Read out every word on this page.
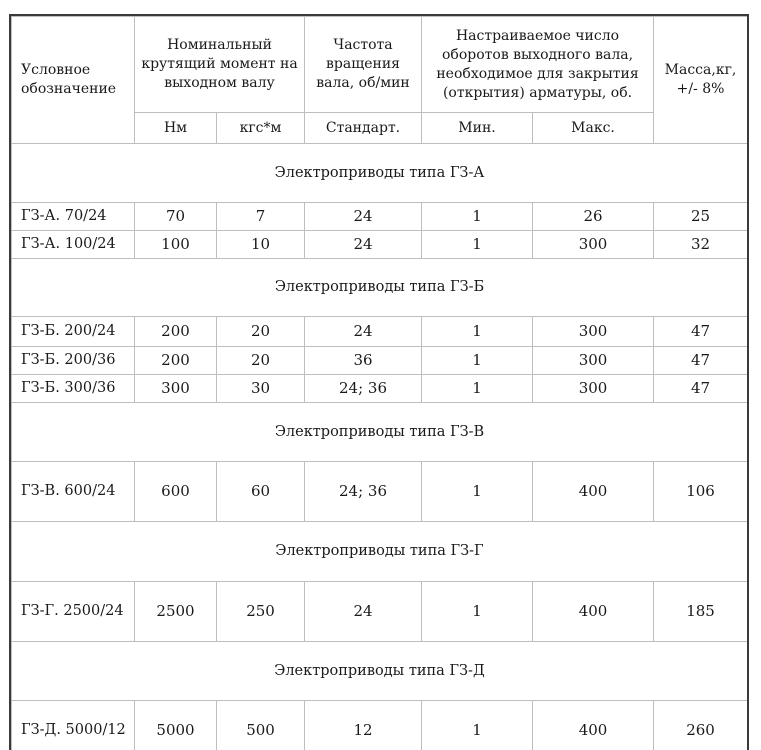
Условное обозначение	Номинальный крутящий момент на выходном валу		Частота вращения вала, об/мин	Настраиваемое число оборотов выходного вала, необходимое для закрытия (открытия) арматуры, об.		Масса,кг, +/- 8%
	Нм	кгс*м	Стандарт.	Мин.	Макс.	
Электроприводы типа ГЗ-А						
ГЗ-А. 70/24	70	7	24	1	26	25
ГЗ-А. 100/24	100	10	24	1	300	32
Электроприводы типа ГЗ-Б						
ГЗ-Б. 200/24	200	20	24	1	300	47
ГЗ-Б. 200/36	200	20	36	1	300	47
ГЗ-Б. 300/36	300	30	24; 36	1	300	47
Электроприводы типа ГЗ-В						
ГЗ-В. 600/24	600	60	24; 36	1	400	106
Электроприводы типа ГЗ-Г						
ГЗ-Г. 2500/24	2500	250	24	1	400	185
Электроприводы типа ГЗ-Д						
ГЗ-Д. 5000/12	5000	500	12	1	400	260
